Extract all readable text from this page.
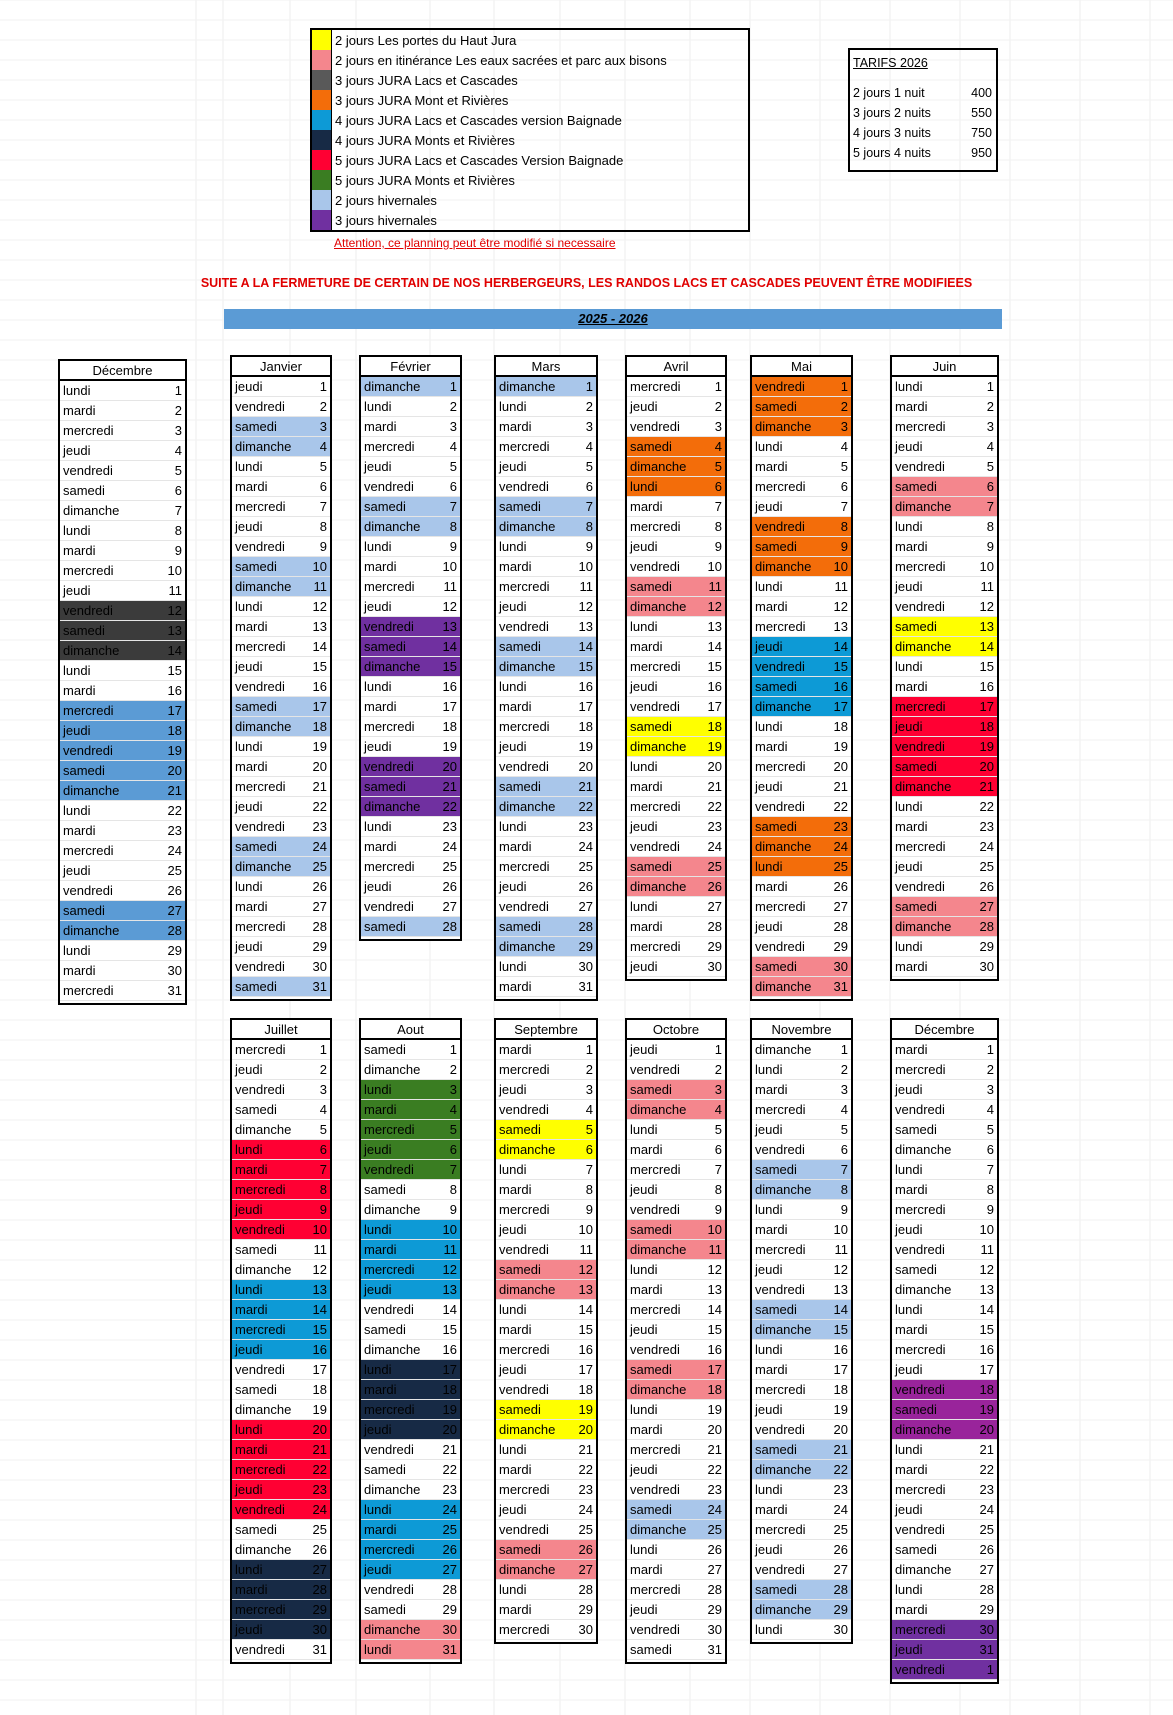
2 jours Les portes du Haut Jura
2 jours en itinérance Les eaux sacrées et parc aux bisons
3 jours JURA Lacs et Cascades
3 jours JURA Mont et Rivières
4 jours JURA Lacs et Cascades version Baignade
4 jours JURA Monts et Rivières
5 jours JURA Lacs et Cascades Version Baignade
5 jours JURA Monts et Rivières
2 jours hivernales
3 jours hivernales
Attention, ce planning peut être modifié si necessaire
TARIFS 2026
2 jours 1 nuit	400
3 jours 2 nuits	550
4 jours 3 nuits	750
5 jours 4 nuits	950
SUITE A LA FERMETURE DE CERTAIN DE NOS HERBERGEURS, LES RANDOS LACS ET CASCADES PEUVENT ÊTRE MODIFIEES
2025 - 2026
Décembre
lundi	1
mardi	2
mercredi	3
jeudi	4
vendredi	5
samedi	6
dimanche	7
lundi	8
mardi	9
mercredi	10
jeudi	11
vendredi	12
samedi	13
dimanche	14
lundi	15
mardi	16
mercredi	17
jeudi	18
vendredi	19
samedi	20
dimanche	21
lundi	22
mardi	23
mercredi	24
jeudi	25
vendredi	26
samedi	27
dimanche	28
lundi	29
mardi	30
mercredi	31
Janvier
jeudi	1
vendredi	2
samedi	3
dimanche 4
lundi	5
mardi	6
mercredi	7
jeudi	8
vendredi	9
samedi	10
dimanche 11
lundi	12
mardi	13
mercredi 14
jeudi	15
vendredi 16
samedi	17
dimanche 18
lundi	19
mardi	20
mercredi 21
jeudi	22
vendredi 23
samedi	24
dimanche 25
lundi	26
mardi	27
mercredi 28
jeudi	29
vendredi 30
samedi	31
Février
dimanche 1
lundi	2
mardi	3
mercredi	4
jeudi	5
vendredi	6
samedi	7
dimanche 8
lundi	9
mardi	10
mercredi 11
jeudi	12
vendredi 13
samedi	14
dimanche 15
lundi	16
mardi	17
mercredi 18
jeudi	19
vendredi 20
samedi	21
dimanche 22
lundi	23
mardi	24
mercredi 25
jeudi	26
vendredi 27
samedi	28
Mars
dimanche 1
lundi	2
mardi	3
mercredi	4
jeudi	5
vendredi	6
samedi	7
dimanche 8
lundi	9
mardi	10
mercredi 11
jeudi	12
vendredi 13
samedi	14
dimanche 15
lundi	16
mardi	17
mercredi 18
jeudi	19
vendredi 20
samedi	21
dimanche 22
lundi	23
mardi	24
mercredi 25
jeudi	26
vendredi 27
samedi	28
dimanche 29
lundi	30
mardi	31
Avril
mercredi	1
jeudi	2
vendredi	3
samedi	4
dimanche 5
lundi	6
mardi	7
mercredi	8
jeudi	9
vendredi 10
samedi	11
dimanche 12
lundi	13
mardi	14
mercredi 15
jeudi	16
vendredi 17
samedi	18
dimanche 19
lundi	20
mardi	21
mercredi 22
jeudi	23
vendredi 24
samedi	25
dimanche 26
lundi	27
mardi	28
mercredi 29
jeudi	30
Mai
vendredi	1
samedi	2
dimanche 3
lundi	4
mardi	5
mercredi	6
jeudi	7
vendredi	8
samedi	9
dimanche 10
lundi	11
mardi	12
mercredi 13
jeudi	14
vendredi 15
samedi	16
dimanche 17
lundi	18
mardi	19
mercredi 20
jeudi	21
vendredi 22
samedi	23
dimanche 24
lundi	25
mardi	26
mercredi 27
jeudi	28
vendredi 29
samedi	30
dimanche 31
Juin
lundi	1
mardi	2
mercredi	3
jeudi	4
vendredi	5
samedi	6
dimanche	7
lundi	8
mardi	9
mercredi	10
jeudi	11
vendredi	12
samedi	13
dimanche 14
lundi	15
mardi	16
mercredi	17
jeudi	18
vendredi	19
samedi	20
dimanche 21
lundi	22
mardi	23
mercredi	24
jeudi	25
vendredi	26
samedi	27
dimanche 28
lundi	29
mardi	30
Juillet
mercredi	1
jeudi	2
vendredi	3
samedi	4
dimanche 5
lundi	6
mardi	7
mercredi	8
jeudi	9
vendredi 10
samedi	11
dimanche 12
lundi	13
mardi	14
mercredi 15
jeudi	16
vendredi 17
samedi	18
dimanche 19
lundi	20
mardi	21
mercredi 22
jeudi	23
vendredi 24
samedi	25
dimanche 26
lundi	27
mardi	28
mercredi 29
jeudi	30
vendredi 31
Aout
samedi	1
dimanche 2
lundi	3
mardi	4
mercredi	5
jeudi	6
vendredi	7
samedi	8
dimanche 9
lundi	10
mardi	11
mercredi 12
jeudi	13
vendredi 14
samedi	15
dimanche 16
lundi	17
mardi	18
mercredi 19
jeudi	20
vendredi 21
samedi	22
dimanche 23
lundi	24
mardi	25
mercredi 26
jeudi	27
vendredi 28
samedi	29
dimanche 30
lundi	31
Septembre
mardi	1
mercredi	2
jeudi	3
vendredi	4
samedi	5
dimanche 6
lundi	7
mardi	8
mercredi	9
jeudi	10
vendredi 11
samedi	12
dimanche 13
lundi	14
mardi	15
mercredi 16
jeudi	17
vendredi 18
samedi	19
dimanche 20
lundi	21
mardi	22
mercredi 23
jeudi	24
vendredi 25
samedi	26
dimanche 27
lundi	28
mardi	29
mercredi 30
Octobre
jeudi	1
vendredi	2
samedi	3
dimanche 4
lundi	5
mardi	6
mercredi	7
jeudi	8
vendredi	9
samedi	10
dimanche 11
lundi	12
mardi	13
mercredi 14
jeudi	15
vendredi 16
samedi	17
dimanche 18
lundi	19
mardi	20
mercredi 21
jeudi	22
vendredi 23
samedi	24
dimanche 25
lundi	26
mardi	27
mercredi 28
jeudi	29
vendredi 30
samedi	31
Novembre
dimanche 1
lundi	2
mardi	3
mercredi	4
jeudi	5
vendredi	6
samedi	7
dimanche 8
lundi	9
mardi	10
mercredi 11
jeudi	12
vendredi 13
samedi	14
dimanche 15
lundi	16
mardi	17
mercredi 18
jeudi	19
vendredi 20
samedi	21
dimanche 22
lundi	23
mardi	24
mercredi 25
jeudi	26
vendredi 27
samedi	28
dimanche 29
lundi	30
Décembre
mardi	1
mercredi	2
jeudi	3
vendredi	4
samedi	5
dimanche	6
lundi	7
mardi	8
mercredi	9
jeudi	10
vendredi	11
samedi	12
dimanche 13
lundi	14
mardi	15
mercredi	16
jeudi	17
vendredi	18
samedi	19
dimanche 20
lundi	21
mardi	22
mercredi	23
jeudi	24
vendredi	25
samedi	26
dimanche 27
lundi	28
mardi	29
mercredi	30
jeudi	31
vendredi	1
